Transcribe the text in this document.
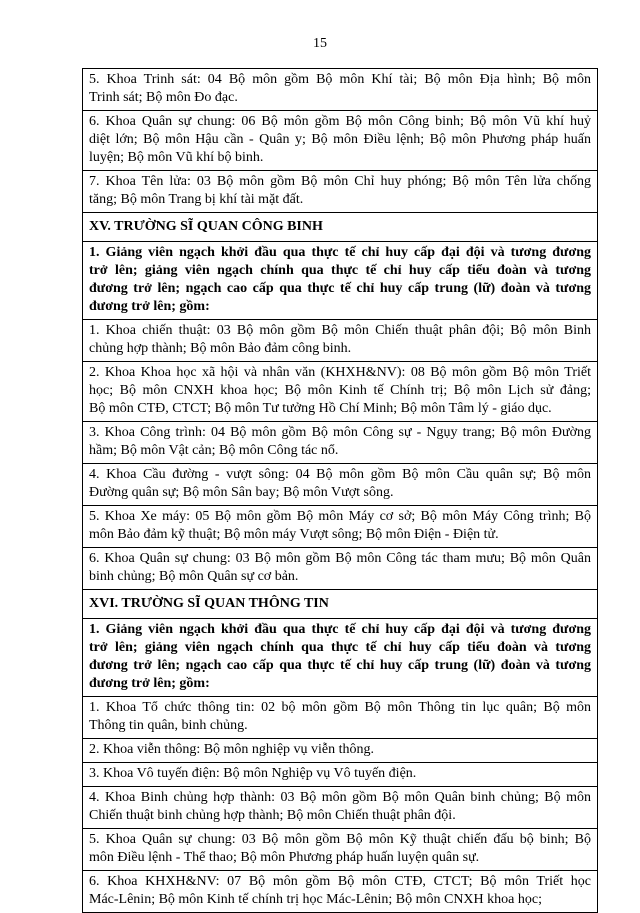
15
5. Khoa Trinh sát: 04 Bộ môn gồm Bộ môn Khí tài; Bộ môn Địa hình; Bộ môn
Trinh sát; Bộ môn Đo đạc.

6. Khoa Quân sự chung: 06 Bộ môn gồm Bộ môn Công binh; Bộ môn Vũ khí huỷ
diệt lớn; Bộ môn Hậu cần - Quân y; Bộ môn Điều lệnh; Bộ môn Phương pháp huấn
luyện; Bộ môn Vũ khí bộ binh.

7. Khoa Tên lửa: 03 Bộ môn gồm Bộ môn Chỉ huy phóng; Bộ môn Tên lửa chống
tăng; Bộ môn Trang bị khí tài mặt đất.

XV. TRƯỜNG SĨ QUAN CÔNG BINH

1. Giảng viên ngạch khởi đầu qua thực tế chỉ huy cấp đại đội và tương đương
trở lên; giảng viên ngạch chính qua thực tế chỉ huy cấp tiểu đoàn và tương
đương trở lên; ngạch cao cấp qua thực tế chỉ huy cấp trung (lữ) đoàn và tương
đương trở lên; gồm:

1. Khoa chiến thuật: 03 Bộ môn gồm Bộ môn Chiến thuật phân đội; Bộ môn Binh
chủng hợp thành; Bộ môn Bảo đảm công binh.

2. Khoa Khoa học xã hội và nhân văn (KHXH&NV): 08 Bộ môn gồm Bộ môn Triết
học; Bộ môn CNXH khoa học; Bộ môn Kinh tế Chính trị; Bộ môn Lịch sử đảng;
Bộ môn CTĐ, CTCT; Bộ môn Tư tưởng Hồ Chí Minh; Bộ môn Tâm lý - giáo dục.

3. Khoa Công trình: 04 Bộ môn gồm Bộ môn Công sự - Ngụy trang; Bộ môn Đường
hầm; Bộ môn Vật cản; Bộ môn Công tác nổ.

4. Khoa Cầu đường - vượt sông: 04 Bộ môn gồm Bộ môn Cầu quân sự; Bộ môn
Đường quân sự; Bộ môn Sân bay; Bộ môn Vượt sông.

5. Khoa Xe máy: 05 Bộ môn gồm Bộ môn Máy cơ sở; Bộ môn Máy Công trình; Bộ
môn Bảo đảm kỹ thuật; Bộ môn máy Vượt sông; Bộ môn Điện - Điện tử.

6. Khoa Quân sự chung: 03 Bộ môn gồm Bộ môn Công tác tham mưu; Bộ môn Quân
binh chủng; Bộ môn Quân sự cơ bản.

XVI. TRƯỜNG SĨ QUAN THÔNG TIN

1. Giảng viên ngạch khởi đầu qua thực tế chỉ huy cấp đại đội và tương đương
trở lên; giảng viên ngạch chính qua thực tế chỉ huy cấp tiểu đoàn và tương
đương trở lên; ngạch cao cấp qua thực tế chỉ huy cấp trung (lữ) đoàn và tương
đương trở lên; gồm:

1. Khoa Tổ chức thông tin: 02 bộ môn gồm Bộ môn Thông tin lục quân; Bộ môn
Thông tin quân, binh chủng.

2. Khoa viễn thông: Bộ môn nghiệp vụ viễn thông.

3. Khoa Vô tuyến điện: Bộ môn Nghiệp vụ Vô tuyến điện.

4. Khoa Binh chủng hợp thành: 03 Bộ môn gồm Bộ môn Quân binh chủng; Bộ môn
Chiến thuật binh chủng hợp thành; Bộ môn Chiến thuật phân đội.

5. Khoa Quân sự chung: 03 Bộ môn gồm Bộ môn Kỹ thuật chiến đấu bộ binh; Bộ
môn Điều lệnh - Thể thao; Bộ môn Phương pháp huấn luyện quân sự.

6. Khoa KHXH&NV: 07 Bộ môn gồm Bộ môn CTĐ, CTCT; Bộ môn Triết học
Mác-Lênin; Bộ môn Kinh tế chính trị học Mác-Lênin; Bộ môn CNXH khoa học;
